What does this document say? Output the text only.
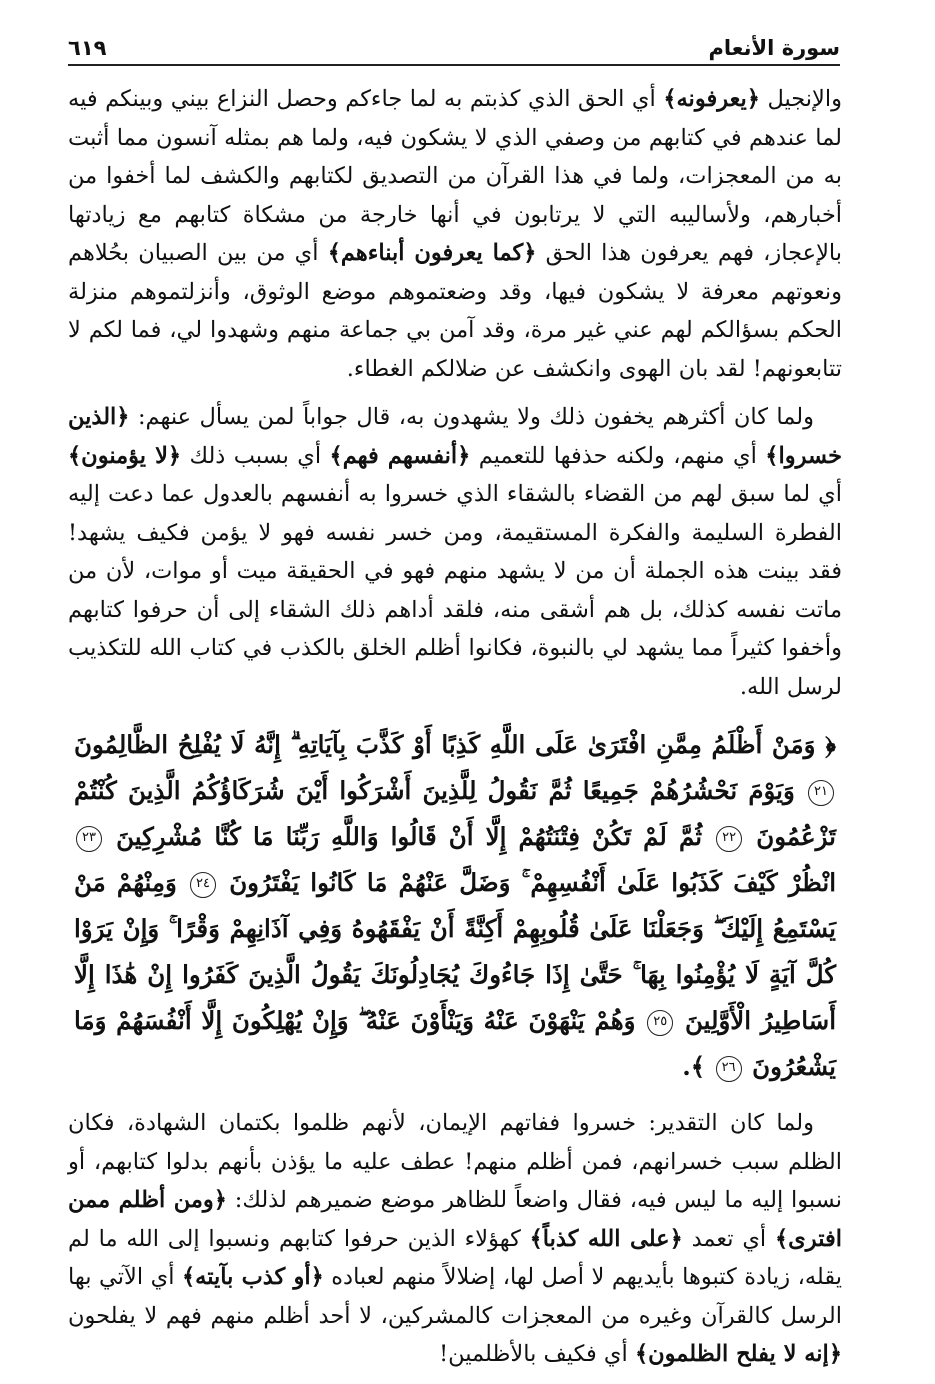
سورة الأنعام
٦١٩

والإنجيل ﴿يعرفونه﴾ أي الحق الذي كذبتم به لما جاءكم وحصل النزاع بيني وبينكم فيه لما عندهم في كتابهم من وصفي الذي لا يشكون فيه، ولما هم بمثله آنسون مما أثبت به من المعجزات، ولما في هذا القرآن من التصديق لكتابهم والكشف لما أخفوا من أخبارهم، ولأساليبه التي لا يرتابون في أنها خارجة من مشكاة كتابهم مع زيادتها بالإعجاز، فهم يعرفون هذا الحق ﴿كما يعرفون أبناءهم﴾ أي من بين الصبيان بحُلاهم ونعوتهم معرفة لا يشكون فيها، وقد وضعتموهم موضع الوثوق، وأنزلتموهم منزلة الحكم بسؤالكم لهم عني غير مرة، وقد آمن بي جماعة منهم وشهدوا لي، فما لكم لا تتابعونهم! لقد بان الهوى وانكشف عن ضلالكم الغطاء.

ولما كان أكثرهم يخفون ذلك ولا يشهدون به، قال جواباً لمن يسأل عنهم: ﴿الذين خسروا﴾ أي منهم، ولكنه حذفها للتعميم ﴿أنفسهم فهم﴾ أي بسبب ذلك ﴿لا يؤمنون﴾ أي لما سبق لهم من القضاء بالشقاء الذي خسروا به أنفسهم بالعدول عما دعت إليه الفطرة السليمة والفكرة المستقيمة، ومن خسر نفسه فهو لا يؤمن فكيف يشهد! فقد بينت هذه الجملة أن من لا يشهد منهم فهو في الحقيقة ميت أو موات، لأن من ماتت نفسه كذلك، بل هم أشقى منه، فلقد أداهم ذلك الشقاء إلى أن حرفوا كتابهم وأخفوا كثيراً مما يشهد لي بالنبوة، فكانوا أظلم الخلق بالكذب في كتاب الله للتكذيب لرسل الله.

﴿ وَمَنْ أَظْلَمُ مِمَّنِ افْتَرَىٰ عَلَى اللَّهِ كَذِبًا أَوْ كَذَّبَ بِآيَاتِهِ ۗ إِنَّهُ لَا يُفْلِحُ الظَّالِمُونَ ٢١ وَيَوْمَ نَحْشُرُهُمْ جَمِيعًا ثُمَّ نَقُولُ لِلَّذِينَ أَشْرَكُوا أَيْنَ شُرَكَاؤُكُمُ الَّذِينَ كُنْتُمْ تَزْعُمُونَ ٢٢ ثُمَّ لَمْ تَكُنْ فِتْنَتُهُمْ إِلَّا أَنْ قَالُوا وَاللَّهِ رَبِّنَا مَا كُنَّا مُشْرِكِينَ ٢٣ انْظُرْ كَيْفَ كَذَبُوا عَلَىٰ أَنْفُسِهِمْ ۚ وَضَلَّ عَنْهُمْ مَا كَانُوا يَفْتَرُونَ ٢٤ وَمِنْهُمْ مَنْ يَسْتَمِعُ إِلَيْكَ ۖ وَجَعَلْنَا عَلَىٰ قُلُوبِهِمْ أَكِنَّةً أَنْ يَفْقَهُوهُ وَفِي آذَانِهِمْ وَقْرًا ۚ وَإِنْ يَرَوْا كُلَّ آيَةٍ لَا يُؤْمِنُوا بِهَا ۚ حَتَّىٰ إِذَا جَاءُوكَ يُجَادِلُونَكَ يَقُولُ الَّذِينَ كَفَرُوا إِنْ هَٰذَا إِلَّا أَسَاطِيرُ الْأَوَّلِينَ ٢٥ وَهُمْ يَنْهَوْنَ عَنْهُ وَيَنْأَوْنَ عَنْهُ ۖ وَإِنْ يُهْلِكُونَ إِلَّا أَنْفُسَهُمْ وَمَا يَشْعُرُونَ ٢٦ ﴾.

ولما كان التقدير: خسروا ففاتهم الإيمان، لأنهم ظلموا بكتمان الشهادة، فكان الظلم سبب خسرانهم، فمن أظلم منهم! عطف عليه ما يؤذن بأنهم بدلوا كتابهم، أو نسبوا إليه ما ليس فيه، فقال واضعاً للظاهر موضع ضميرهم لذلك: ﴿ومن أظلم ممن افترى﴾ أي تعمد ﴿على الله كذباً﴾ كهؤلاء الذين حرفوا كتابهم ونسبوا إلى الله ما لم يقله، زيادة كتبوها بأيديهم لا أصل لها، إضلالاً منهم لعباده ﴿أو كذب بآيته﴾ أي الآتي بها الرسل كالقرآن وغيره من المعجزات كالمشركين، لا أحد أظلم منهم فهم لا يفلحون ﴿إنه لا يفلح الظلمون﴾ أي فكيف بالأظلمين!
